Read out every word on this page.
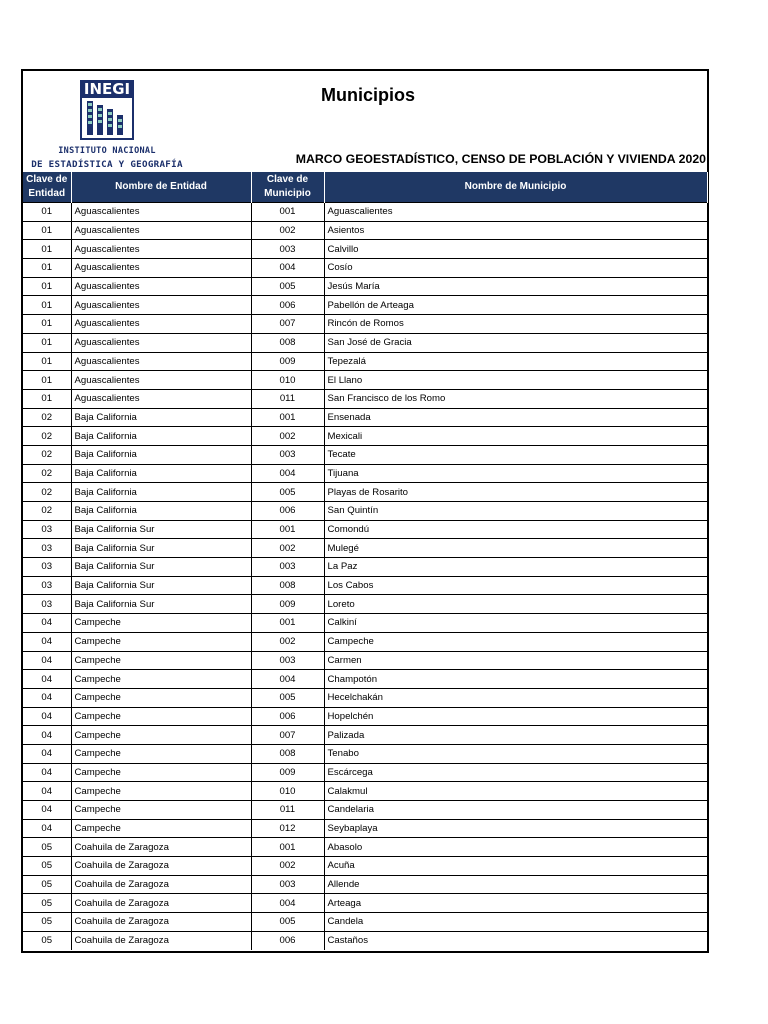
INEGI
INSTITUTO NACIONAL
DE ESTADÍSTICA Y GEOGRAFÍA
Municipios
MARCO GEOESTADÍSTICO, CENSO DE POBLACIÓN Y VIVIENDA 2020
Clave de Entidad	Nombre de Entidad	Clave de Municipio	Nombre de Municipio
01	Aguascalientes	001	Aguascalientes
01	Aguascalientes	002	Asientos
01	Aguascalientes	003	Calvillo
01	Aguascalientes	004	Cosío
01	Aguascalientes	005	Jesús María
01	Aguascalientes	006	Pabellón de Arteaga
01	Aguascalientes	007	Rincón de Romos
01	Aguascalientes	008	San José de Gracia
01	Aguascalientes	009	Tepezalá
01	Aguascalientes	010	El Llano
01	Aguascalientes	011	San Francisco de los Romo
02	Baja California	001	Ensenada
02	Baja California	002	Mexicali
02	Baja California	003	Tecate
02	Baja California	004	Tijuana
02	Baja California	005	Playas de Rosarito
02	Baja California	006	San Quintín
03	Baja California Sur	001	Comondú
03	Baja California Sur	002	Mulegé
03	Baja California Sur	003	La Paz
03	Baja California Sur	008	Los Cabos
03	Baja California Sur	009	Loreto
04	Campeche	001	Calkiní
04	Campeche	002	Campeche
04	Campeche	003	Carmen
04	Campeche	004	Champotón
04	Campeche	005	Hecelchakán
04	Campeche	006	Hopelchén
04	Campeche	007	Palizada
04	Campeche	008	Tenabo
04	Campeche	009	Escárcega
04	Campeche	010	Calakmul
04	Campeche	011	Candelaria
04	Campeche	012	Seybaplaya
05	Coahuila de Zaragoza	001	Abasolo
05	Coahuila de Zaragoza	002	Acuña
05	Coahuila de Zaragoza	003	Allende
05	Coahuila de Zaragoza	004	Arteaga
05	Coahuila de Zaragoza	005	Candela
05	Coahuila de Zaragoza	006	Castaños
